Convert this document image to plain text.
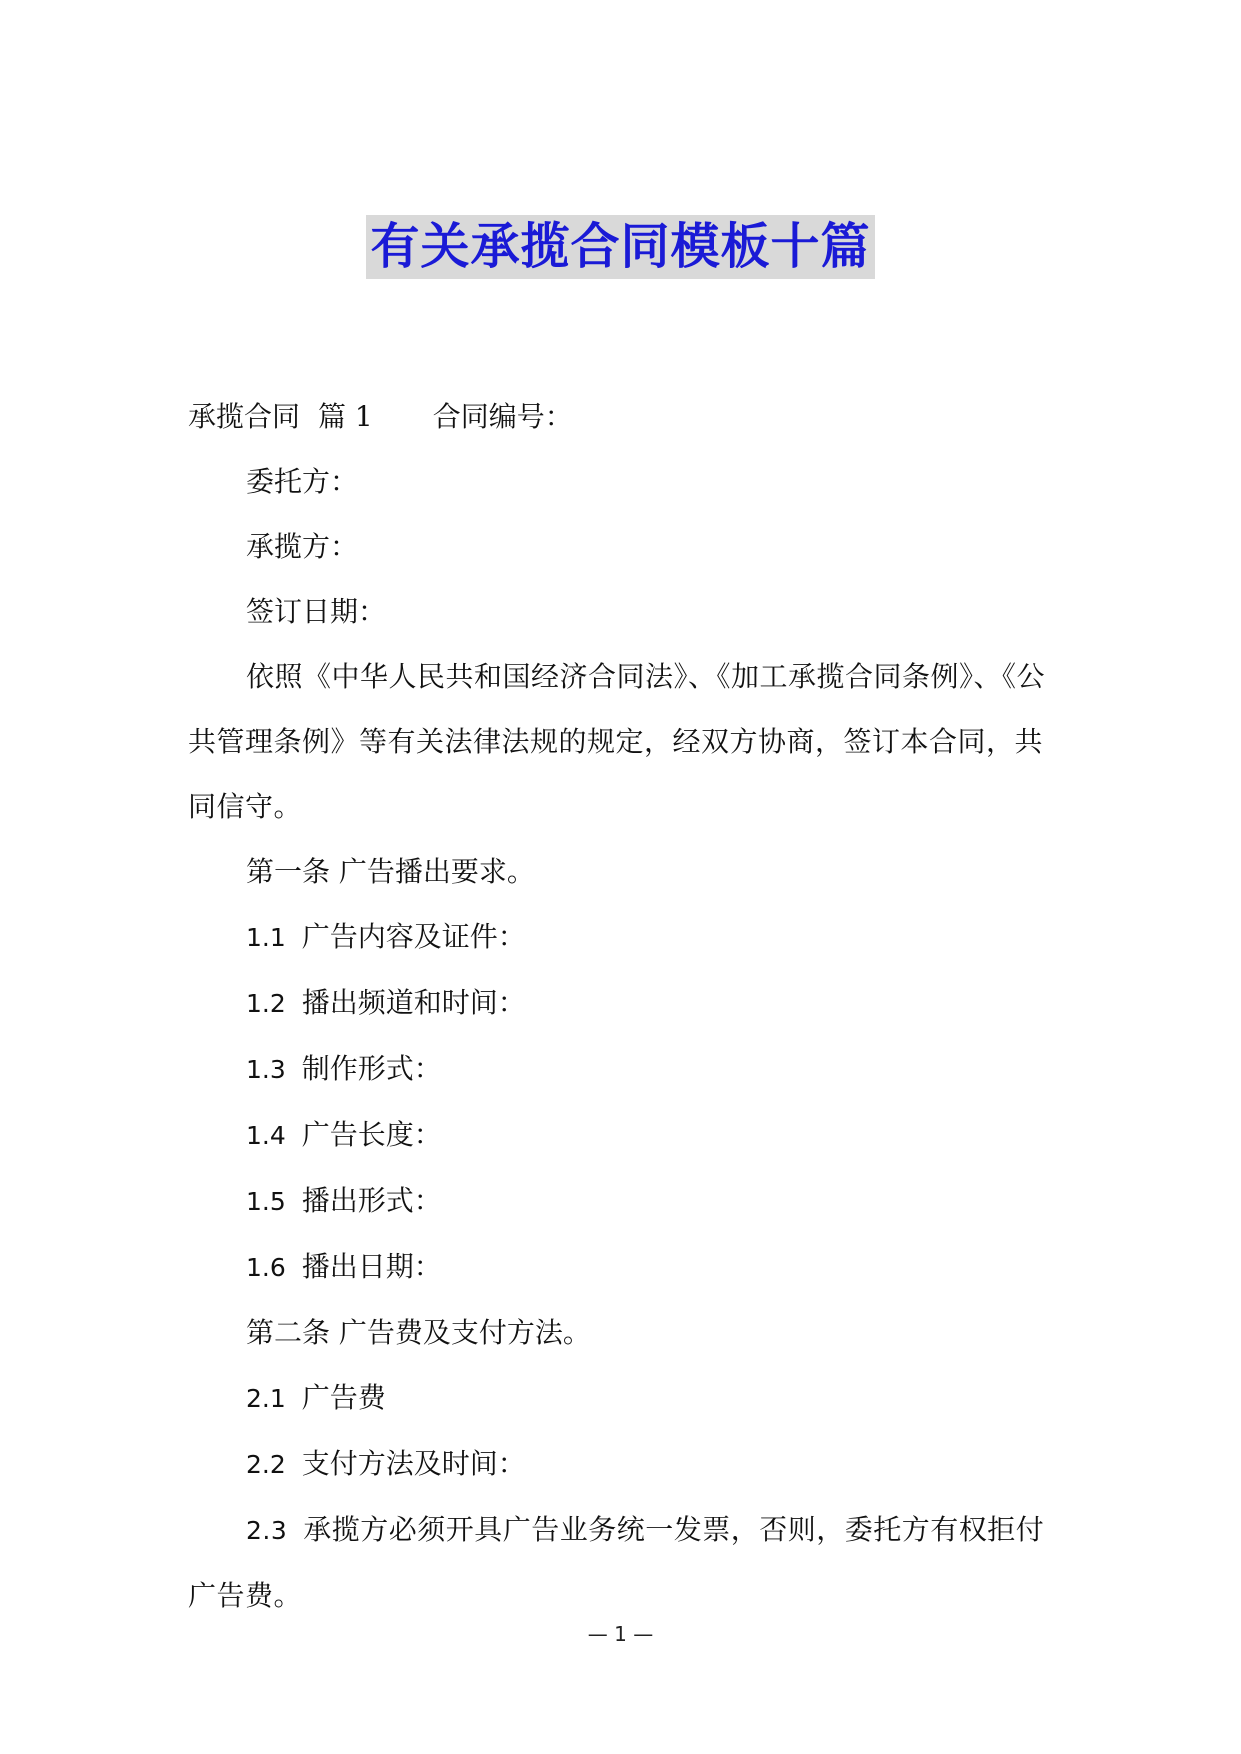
有关承揽合同模板十篇

承揽合同 篇 1 合同编号：

委托方：

承揽方：

签订日期：

依照《中华人民共和国经济合同法》、《加工承揽合同条例》、《公共管理条例》等有关法律法规的规定，经双方协商，签订本合同，共同信守。

第一条 广告播出要求。

1.1 广告内容及证件：

1.2 播出频道和时间：

1.3 制作形式：

1.4 广告长度：

1.5 播出形式：

1.6 播出日期：

第二条 广告费及支付方法。

2.1 广告费

2.2 支付方法及时间：

2.3 承揽方必须开具广告业务统一发票，否则，委托方有权拒付广告费。

— 1 —
